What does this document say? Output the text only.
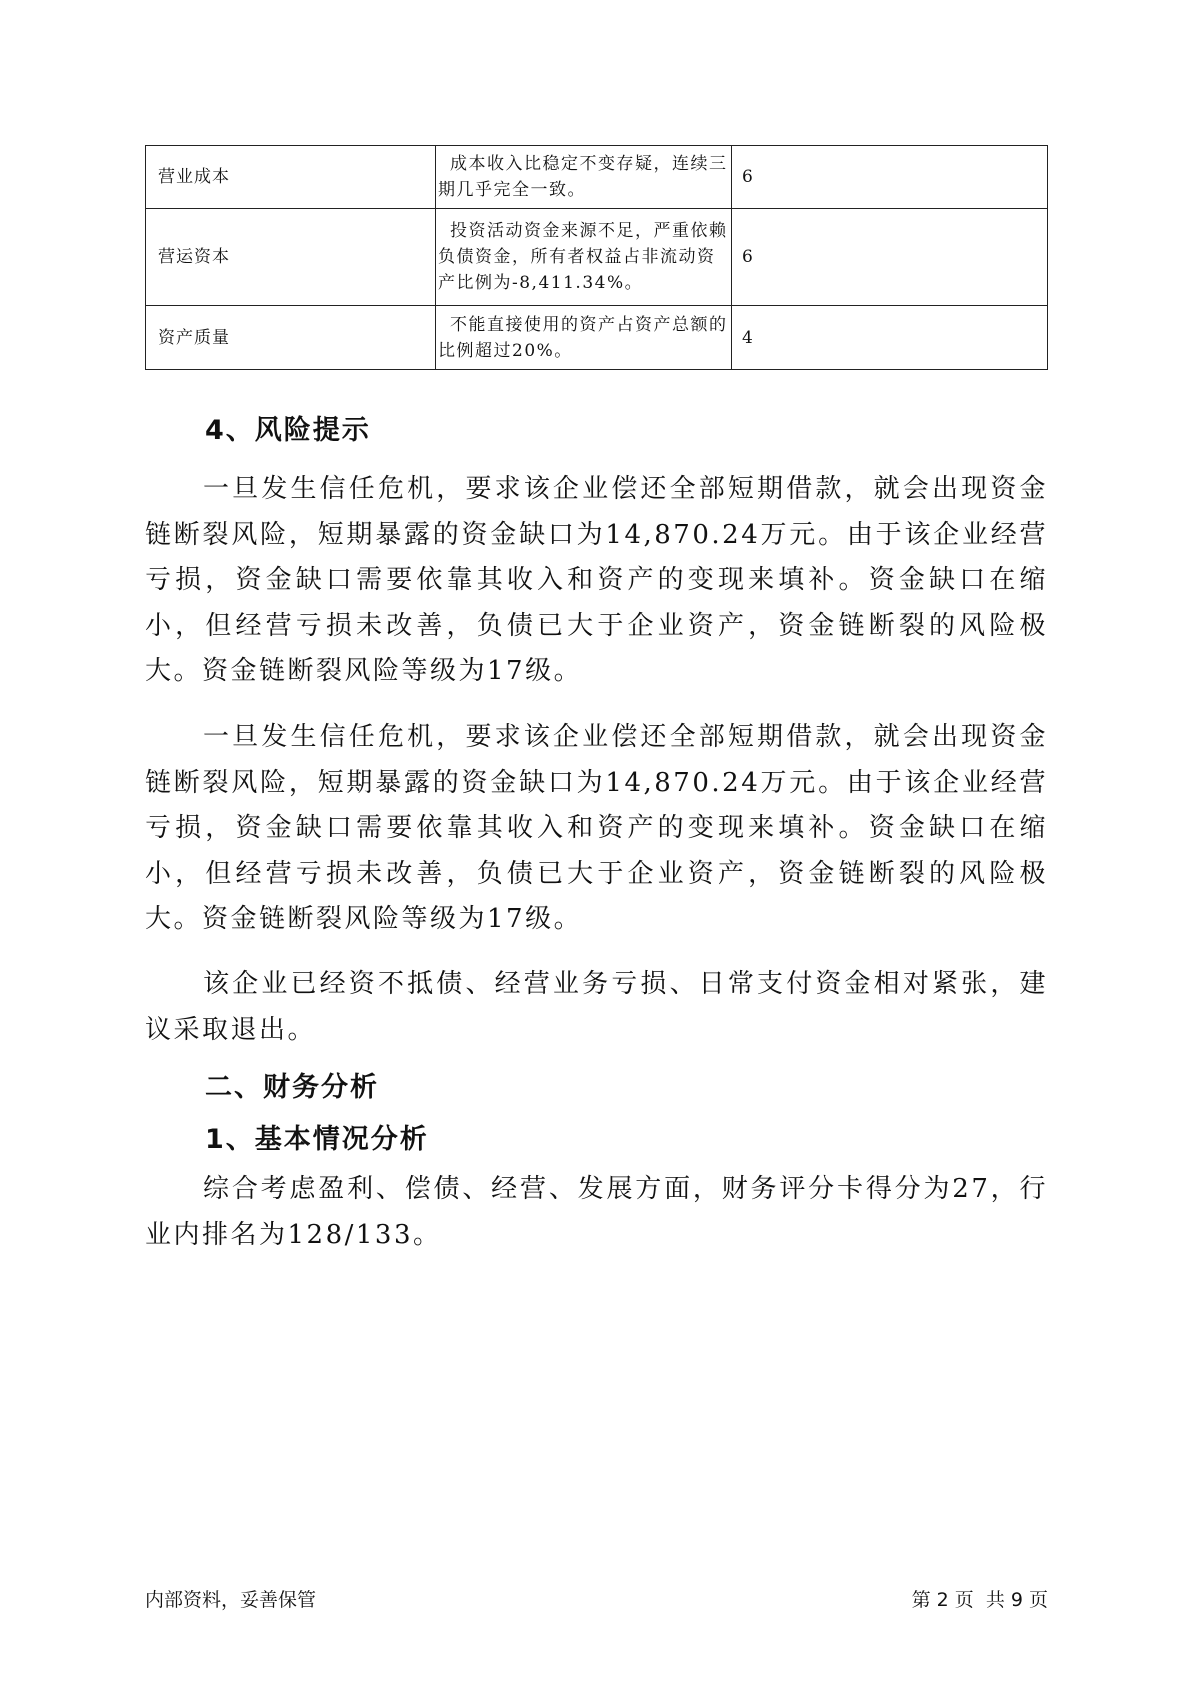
营业成本	成本收入比稳定不变存疑，连续三期几乎完全一致。	6
营运资本	投资活动资金来源不足，严重依赖负债资金，所有者权益占非流动资产比例为-8,411.34%。	6
资产质量	不能直接使用的资产占资产总额的比例超过20%。	4
4、风险提示

一旦发生信任危机，要求该企业偿还全部短期借款，就会出现资金链断裂风险，短期暴露的资金缺口为14,870.24万元。由于该企业经营亏损，资金缺口需要依靠其收入和资产的变现来填补。资金缺口在缩小，但经营亏损未改善，负债已大于企业资产，资金链断裂的风险极大。资金链断裂风险等级为17级。

一旦发生信任危机，要求该企业偿还全部短期借款，就会出现资金链断裂风险，短期暴露的资金缺口为14,870.24万元。由于该企业经营亏损，资金缺口需要依靠其收入和资产的变现来填补。资金缺口在缩小，但经营亏损未改善，负债已大于企业资产，资金链断裂的风险极大。资金链断裂风险等级为17级。

该企业已经资不抵债、经营业务亏损、日常支付资金相对紧张，建议采取退出。

二、财务分析
1、基本情况分析

综合考虑盈利、偿债、经营、发展方面，财务评分卡得分为27，行业内排名为128/133。

内部资料，妥善保管	第 2 页  共 9 页
